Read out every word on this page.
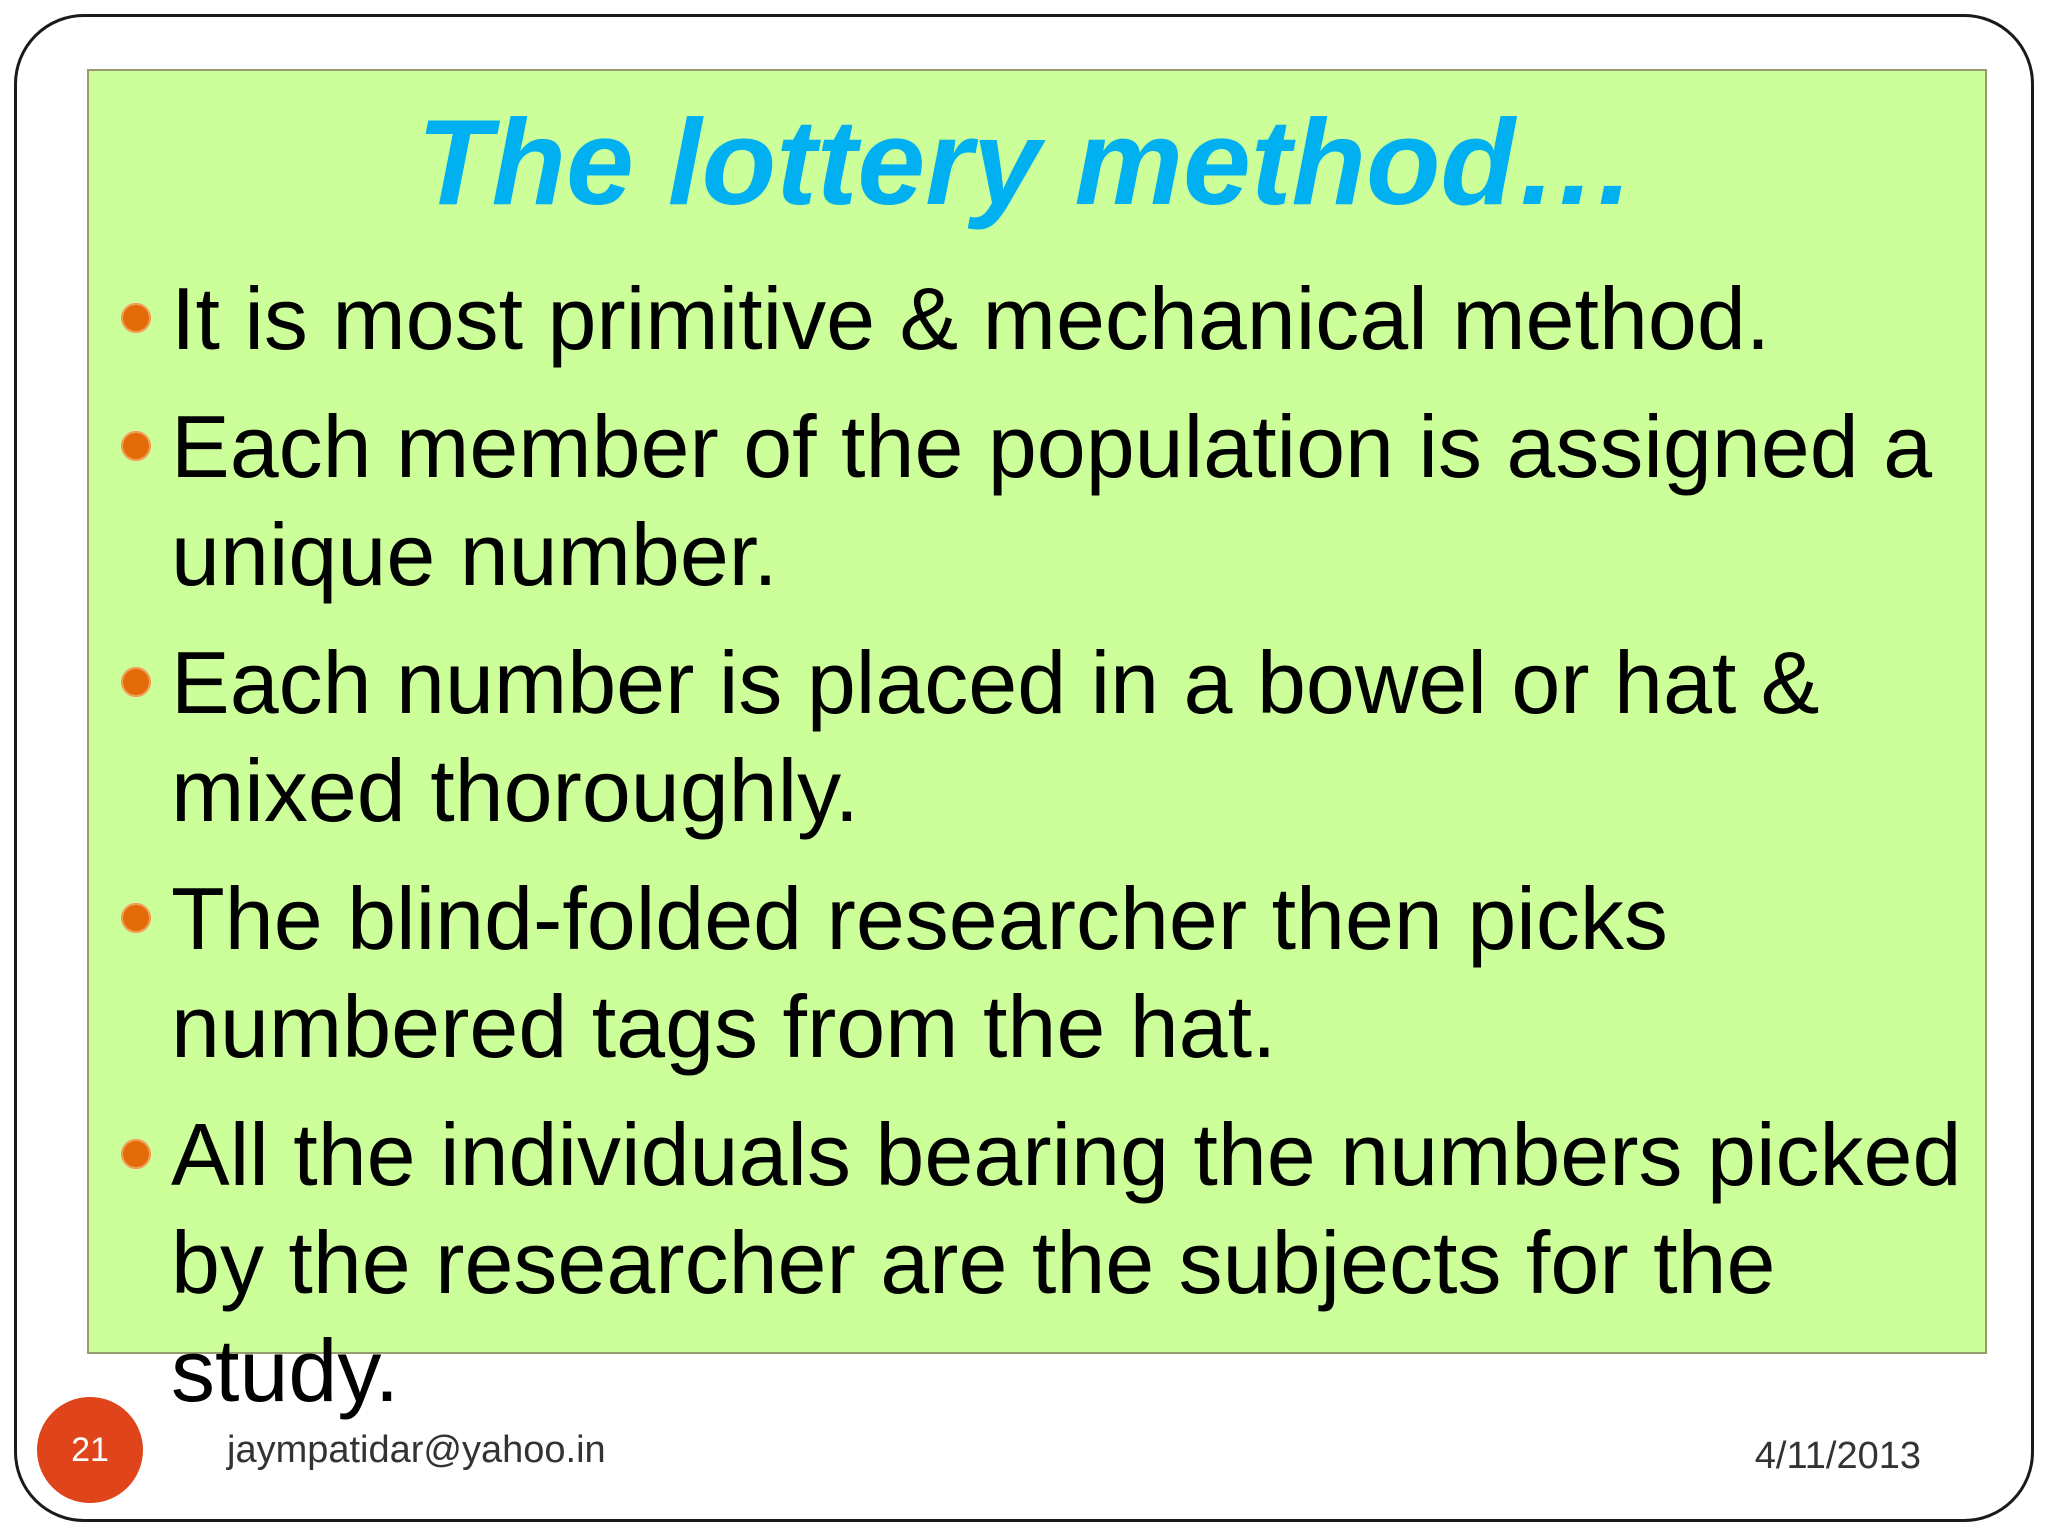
The lottery method…
It is most primitive & mechanical method.
Each member of the population is assigned a unique number.
Each number is placed in a bowel or hat & mixed thoroughly.
The blind-folded researcher then picks numbered tags from the hat.
All the individuals bearing the numbers picked by the researcher are the subjects for the study.
21	jaympatidar@yahoo.in	4/11/2013
